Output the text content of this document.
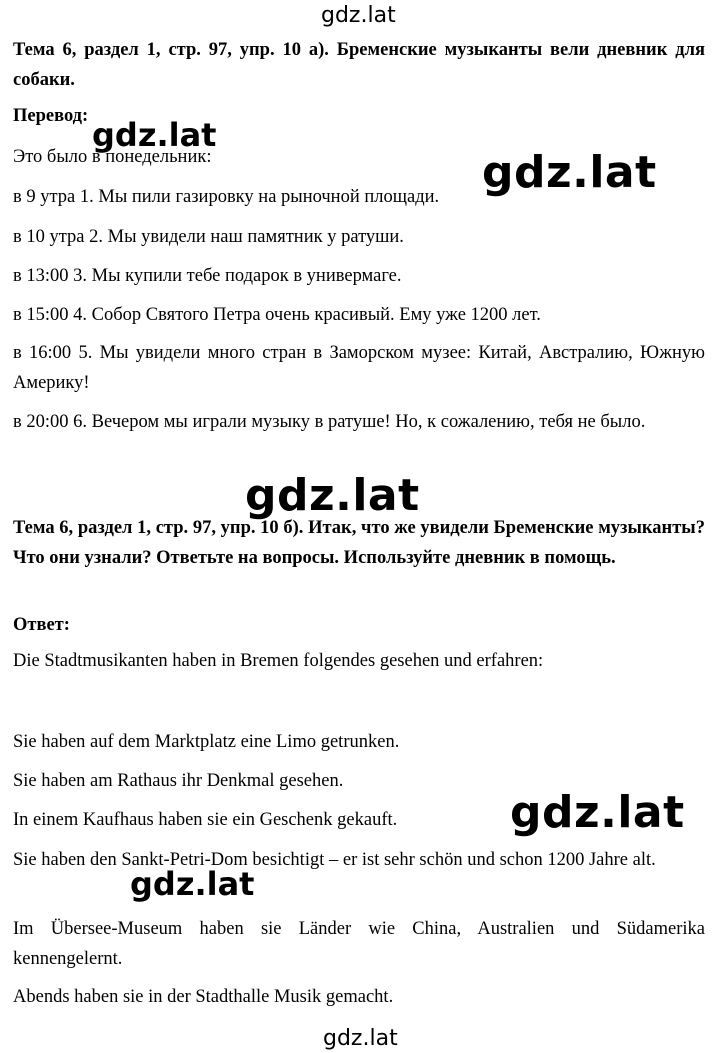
gdz.lat
Тема 6, раздел 1, стр. 97, упр. 10 а). Бременские музыканты вели дневник для собаки.
Перевод:
Это было в понедельник:
в 9 утра 1. Мы пили газировку на рыночной площади.
в 10 утра 2. Мы увидели наш памятник у ратуши.
в 13:00 3. Мы купили тебе подарок в универмаге.
в 15:00 4. Собор Святого Петра очень красивый. Ему уже 1200 лет.
в 16:00 5. Мы увидели много стран в Заморском музее: Китай, Австралию, Южную Америку!
в 20:00 6. Вечером мы играли музыку в ратуше! Но, к сожалению, тебя не было.
Тема 6, раздел 1, стр. 97, упр. 10 б). Итак, что же увидели Бременские музыканты? Что они узнали? Ответьте на вопросы. Используйте дневник в помощь.
Ответ:
Die Stadtmusikanten haben in Bremen folgendes gesehen und erfahren:
Sie haben auf dem Marktplatz eine Limo getrunken.
Sie haben am Rathaus ihr Denkmal gesehen.
In einem Kaufhaus haben sie ein Geschenk gekauft.
Sie haben den Sankt-Petri-Dom besichtigt – er ist sehr schön und schon 1200 Jahre alt.
Im Übersee-Museum haben sie Länder wie China, Australien und Südamerika kennengelernt.
Abends haben sie in der Stadthalle Musik gemacht.
gdz.lat
gdz.lat
gdz.lat
gdz.lat
gdz.lat
gdz.lat
